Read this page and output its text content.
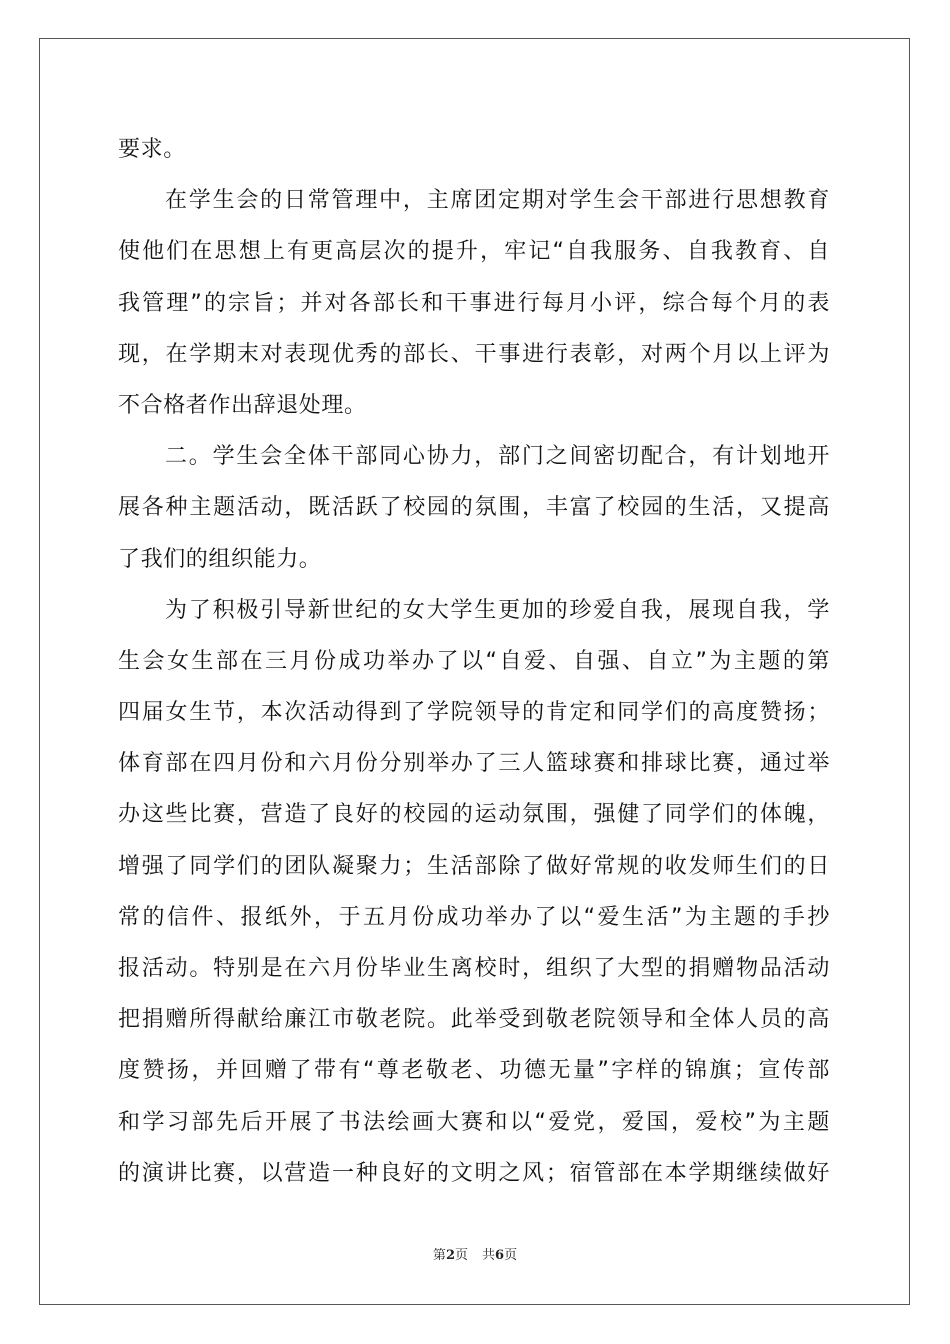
要求。
在学生会的日常管理中，主席团定期对学生会干部进行思想教育
使他们在思想上有更高层次的提升，牢记“自我服务、自我教育、自
我管理”的宗旨；并对各部长和干事进行每月小评，综合每个月的表
现，在学期末对表现优秀的部长、干事进行表彰，对两个月以上评为
不合格者作出辞退处理。
二。学生会全体干部同心协力，部门之间密切配合，有计划地开
展各种主题活动，既活跃了校园的氛围，丰富了校园的生活，又提高
了我们的组织能力。
为了积极引导新世纪的女大学生更加的珍爱自我，展现自我，学
生会女生部在三月份成功举办了以“自爱、自强、自立”为主题的第
四届女生节，本次活动得到了学院领导的肯定和同学们的高度赞扬；
体育部在四月份和六月份分别举办了三人篮球赛和排球比赛，通过举
办这些比赛，营造了良好的校园的运动氛围，强健了同学们的体魄，
增强了同学们的团队凝聚力；生活部除了做好常规的收发师生们的日
常的信件、报纸外，于五月份成功举办了以“爱生活”为主题的手抄
报活动。特别是在六月份毕业生离校时，组织了大型的捐赠物品活动
把捐赠所得献给廉江市敬老院。此举受到敬老院领导和全体人员的高
度赞扬，并回赠了带有“尊老敬老、功德无量”字样的锦旗；宣传部
和学习部先后开展了书法绘画大赛和以“爱党，爱国，爱校”为主题
的演讲比赛，以营造一种良好的文明之风；宿管部在本学期继续做好
第2页 共6页
